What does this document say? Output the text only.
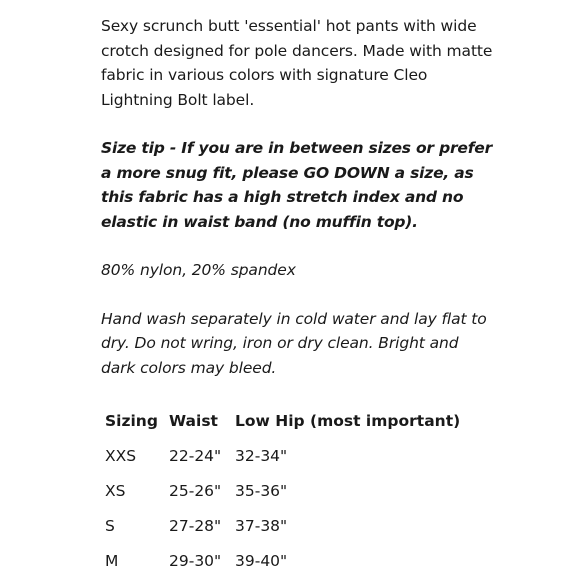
Sexy scrunch butt 'essential' hot pants with wide crotch designed for pole dancers. Made with matte fabric in various colors with signature Cleo Lightning Bolt label.

Size tip - If you are in between sizes or prefer a more snug fit, please GO DOWN a size, as this fabric has a high stretch index and no elastic in waist band (no muffin top).

80% nylon, 20% spandex

Hand wash separately in cold water and lay flat to dry. Do not wring, iron or dry clean. Bright and dark colors may bleed.

Sizing	Waist	Low Hip (most important)
XXS	22-24"	32-34"
XS	25-26"	35-36"
S	27-28"	37-38"
M	29-30"	39-40"
